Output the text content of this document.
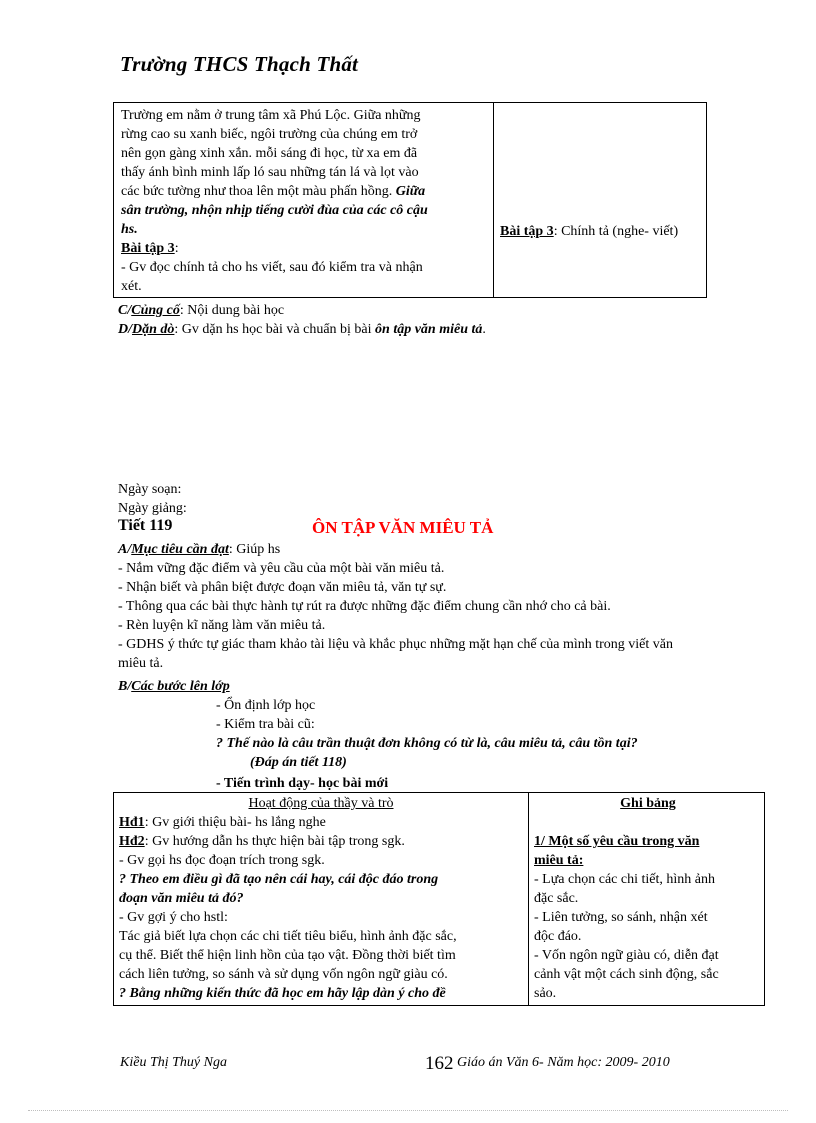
Trường THCS Thạch Thất
Trường em nằm ở trung tâm xã Phú Lộc. Giữa những
rừng cao su xanh biếc, ngôi trường của chúng em trở
nên gọn gàng xinh xắn. mỗi sáng đi học, từ xa em đã
thấy ánh bình minh lấp ló sau những tán lá và lọt vào
các bức tường như thoa lên một màu phấn hồng. Giữa
sân trường, nhộn nhịp tiếng cười đùa của các cô cậu
hs.
Bài tập 3:
- Gv đọc chính tả cho hs viết, sau đó kiểm tra và nhận
xét.
Bài tập 3: Chính tả (nghe- viết)
C/Củng cố: Nội dung bài học
D/Dặn dò: Gv dặn hs học bài và chuẩn bị bài ôn tập văn miêu tả.
Ngày soạn:
Ngày giảng:
Tiết 119	ÔN TẬP VĂN MIÊU TẢ
A/Mục tiêu cần đạt: Giúp hs
- Nắm vững đặc điểm và yêu cầu của một bài văn miêu tả.
- Nhận biết và phân biệt được đoạn văn miêu tả, văn tự sự.
- Thông qua các bài thực hành tự rút ra được những đặc điểm chung cần nhớ cho cả bài.
- Rèn luyện kĩ năng làm văn miêu tả.
- GDHS ý thức tự giác tham khảo tài liệu và khắc phục những mặt hạn chế của mình trong viết văn
miêu tả.
B/Các bước lên lớp
- Ổn định lớp học
- Kiểm tra bài cũ:
? Thế nào là câu trần thuật đơn không có từ là, câu miêu tả, câu tồn tại?
(Đáp án tiết 118)
- Tiến trình dạy- học bài mới
Hoạt động của thầy và trò
Hđ1: Gv giới thiệu bài- hs lắng nghe
Hđ2: Gv hướng dẫn hs thực hiện bài tập trong sgk.
- Gv gọi hs đọc đoạn trích trong sgk.
? Theo em điều gì đã tạo nên cái hay, cái độc đáo trong
đoạn văn miêu tả đó?
- Gv gợi ý cho hstl:
Tác giả biết lựa chọn các chi tiết tiêu biểu, hình ảnh đặc sắc,
cụ thể. Biết thể hiện linh hồn của tạo vật. Đồng thời biết tìm
cách liên tưởng, so sánh và sử dụng vốn ngôn ngữ giàu có.
? Bằng những kiến thức đã học em hãy lập dàn ý cho đề
Ghi bảng
1/ Một số yêu cầu trong văn
miêu tả:
- Lựa chọn các chi tiết, hình ảnh
đặc sắc.
- Liên tưởng, so sánh, nhận xét
độc đáo.
- Vốn ngôn ngữ giàu có, diễn đạt
cảnh vật một cách sinh động, sắc
sảo.
Kiều Thị Thuý Nga	162 Giáo án Văn 6- Năm học: 2009- 2010
